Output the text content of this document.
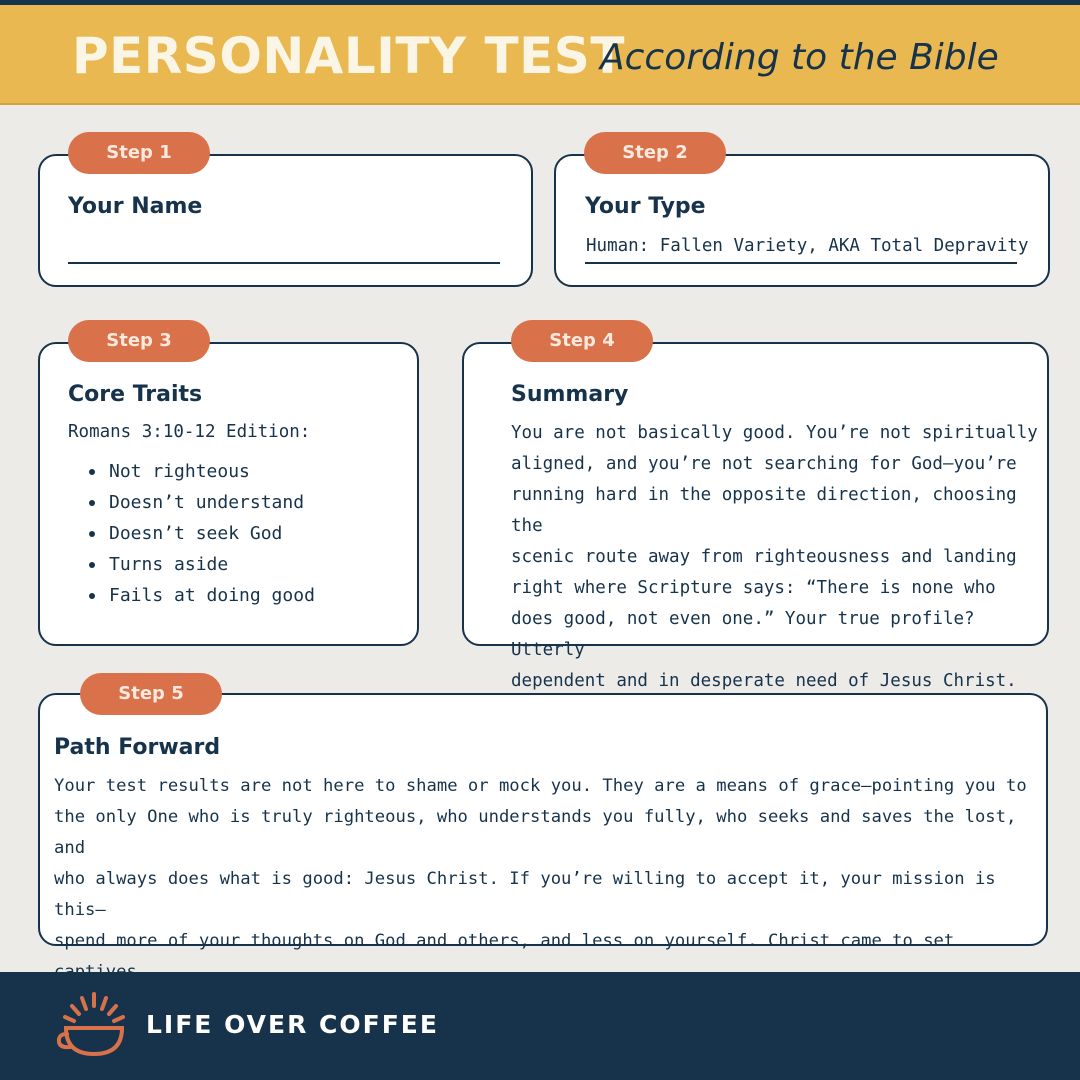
PERSONALITY TEST
According to the Bible
Your Name
Step 1
Your Type
Human: Fallen Variety, AKA Total Depravity
Step 2
Core Traits
Romans 3:10-12 Edition:
Not righteous
Doesn’t understand
Doesn’t seek God
Turns aside
Fails at doing good
Step 3
Summary
You are not basically good. You’re not spiritually
aligned, and you’re not searching for God—you’re
running hard in the opposite direction, choosing the
scenic route away from righteousness and landing
right where Scripture says: “There is none who
does good, not even one.” Your true profile? Utterly
dependent and in desperate need of Jesus Christ.
Step 4
Path Forward
Your test results are not here to shame or mock you. They are a means of grace—pointing you to
the only One who is truly righteous, who understands you fully, who seeks and saves the lost, and
who always does what is good: Jesus Christ. If you’re willing to accept it, your mission is this—
spend more of your thoughts on God and others, and less on yourself. Christ came to set
Step 5
LIFE OVER COFFEE
